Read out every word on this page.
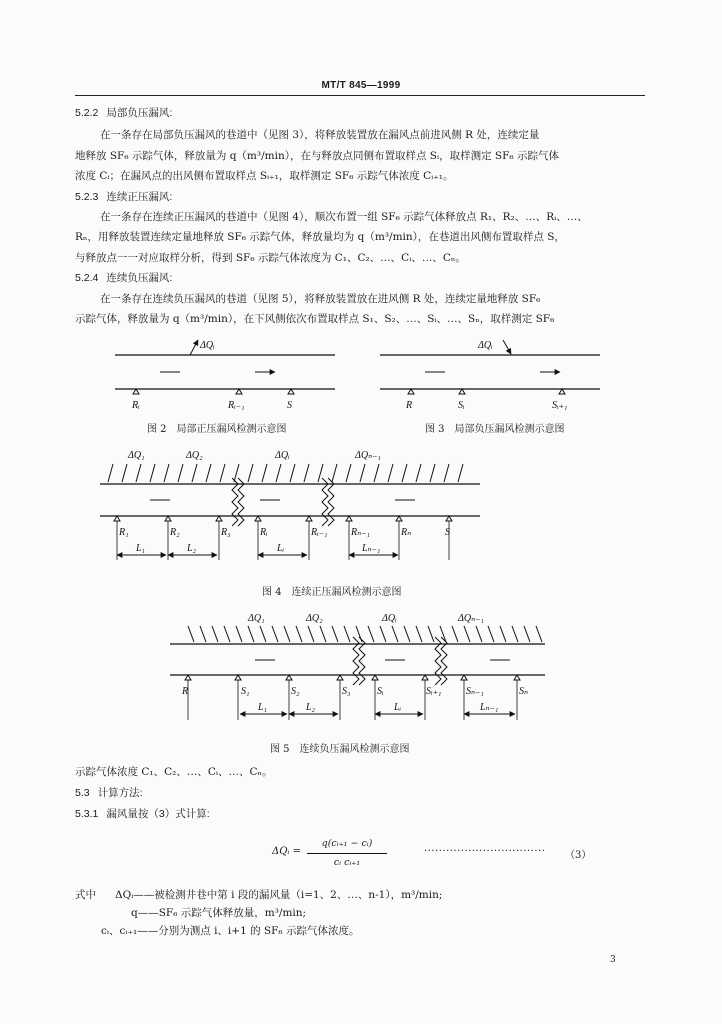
MT/T 845—1999
5.2.2 局部负压漏风:
在一条存在局部负压漏风的巷道中（见图 3），将释放装置放在漏风点前进风侧 R 处，连续定量
地释放 SF₆ 示踪气体，释放量为 q（m³/min），在与释放点同侧布置取样点 Sᵢ，取样测定 SF₆ 示踪气体
浓度 Cᵢ；在漏风点的出风侧布置取样点 Sᵢ₊₁，取样测定 SF₆ 示踪气体浓度 Cᵢ₊₁。
5.2.3 连续正压漏风:
在一条存在连续正压漏风的巷道中（见图 4），顺次布置一组 SF₆ 示踪气体释放点 R₁、R₂、…、Rᵢ、…、
Rₙ，用释放装置连续定量地释放 SF₆ 示踪气体，释放量均为 q（m³/min），在巷道出风侧布置取样点 S，
与释放点一一对应取样分析，得到 SF₆ 示踪气体浓度为 C₁、C₂、…、Cᵢ、…、Cₙ。
5.2.4 连续负压漏风:
在一条存在连续负压漏风的巷道（见图 5），将释放装置放在进风侧 R 处，连续定量地释放 SF₆
示踪气体，释放量为 q（m³/min），在下风侧依次布置取样点 S₁、S₂、…、Sᵢ、…、Sₙ，取样测定 SF₆
ΔQᵢ
Rᵢ	Rᵢ₋₁	S
ΔQᵢ
R	Sᵢ	Sᵢ₊₁
ΔQ₁	ΔQ₂	ΔQᵢ	ΔQₙ₋₁
R₁	R₂	R₃	Rᵢ	Rᵢ₋₁ Rₙ₋₁	Rₙ	S
L₁	L₂	Lᵢ	Lₙ₋₁
ΔQ₁	ΔQ₂	ΔQᵢ	ΔQₙ₋₁
R	S₁	S₂	S₃	Sᵢ	Sᵢ₊₁ Sₙ₋₁	Sₙ
L₁	L₂	Lᵢ	Lₙ₋₁
图 2　局部正压漏风检测示意图	图 3　局部负压漏风检测示意图
图 4　连续正压漏风检测示意图
图 5　连续负压漏风检测示意图
示踪气体浓度 C₁、C₂、…、Cᵢ、…、Cₙ。
5.3 计算方法:
5.3.1 漏风量按（3）式计算:
ΔQᵢ =
q(cᵢ₊₁ − cᵢ)
cᵢ cᵢ₊₁
································· （3）
式中 ΔQᵢ——被检测井巷中第 i 段的漏风量（i=1、2、…、n-1），m³/min;
q——SF₆ 示踪气体释放量，m³/min;
cᵢ、cᵢ₊₁——分别为测点 i、i+1 的 SF₆ 示踪气体浓度。
3
